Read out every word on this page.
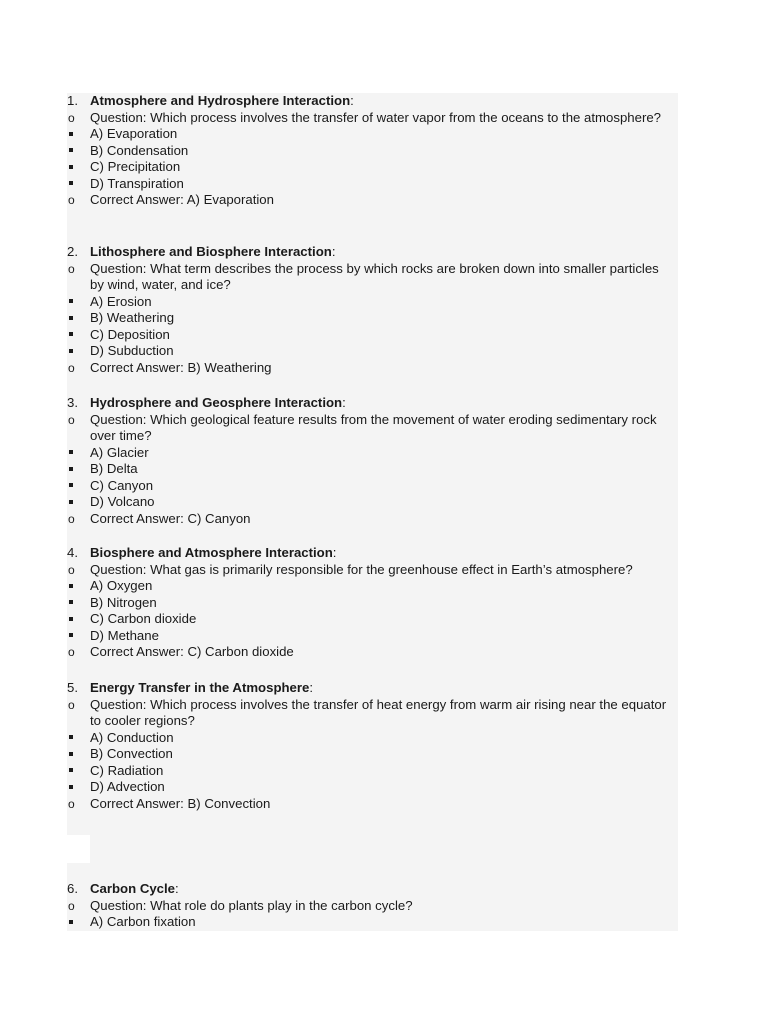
1. Atmosphere and Hydrosphere Interaction:
o	Question: Which process involves the transfer of water vapor from the oceans to the atmosphere?
A) Evaporation
B) Condensation
C) Precipitation
D) Transpiration
o	Correct Answer: A) Evaporation
2. Lithosphere and Biosphere Interaction:
o	Question: What term describes the process by which rocks are broken down into smaller particles by wind, water, and ice?
A) Erosion
B) Weathering
C) Deposition
D) Subduction
o	Correct Answer: B) Weathering
3. Hydrosphere and Geosphere Interaction:
o	Question: Which geological feature results from the movement of water eroding sedimentary rock over time?
A) Glacier
B) Delta
C) Canyon
D) Volcano
o	Correct Answer: C) Canyon
4. Biosphere and Atmosphere Interaction:
o	Question: What gas is primarily responsible for the greenhouse effect in Earth’s atmosphere?
A) Oxygen
B) Nitrogen
C) Carbon dioxide
D) Methane
o	Correct Answer: C) Carbon dioxide
5. Energy Transfer in the Atmosphere:
o	Question: Which process involves the transfer of heat energy from warm air rising near the equator to cooler regions?
A) Conduction
B) Convection
C) Radiation
D) Advection
o	Correct Answer: B) Convection
6. Carbon Cycle:
o	Question: What role do plants play in the carbon cycle?
A) Carbon fixation
